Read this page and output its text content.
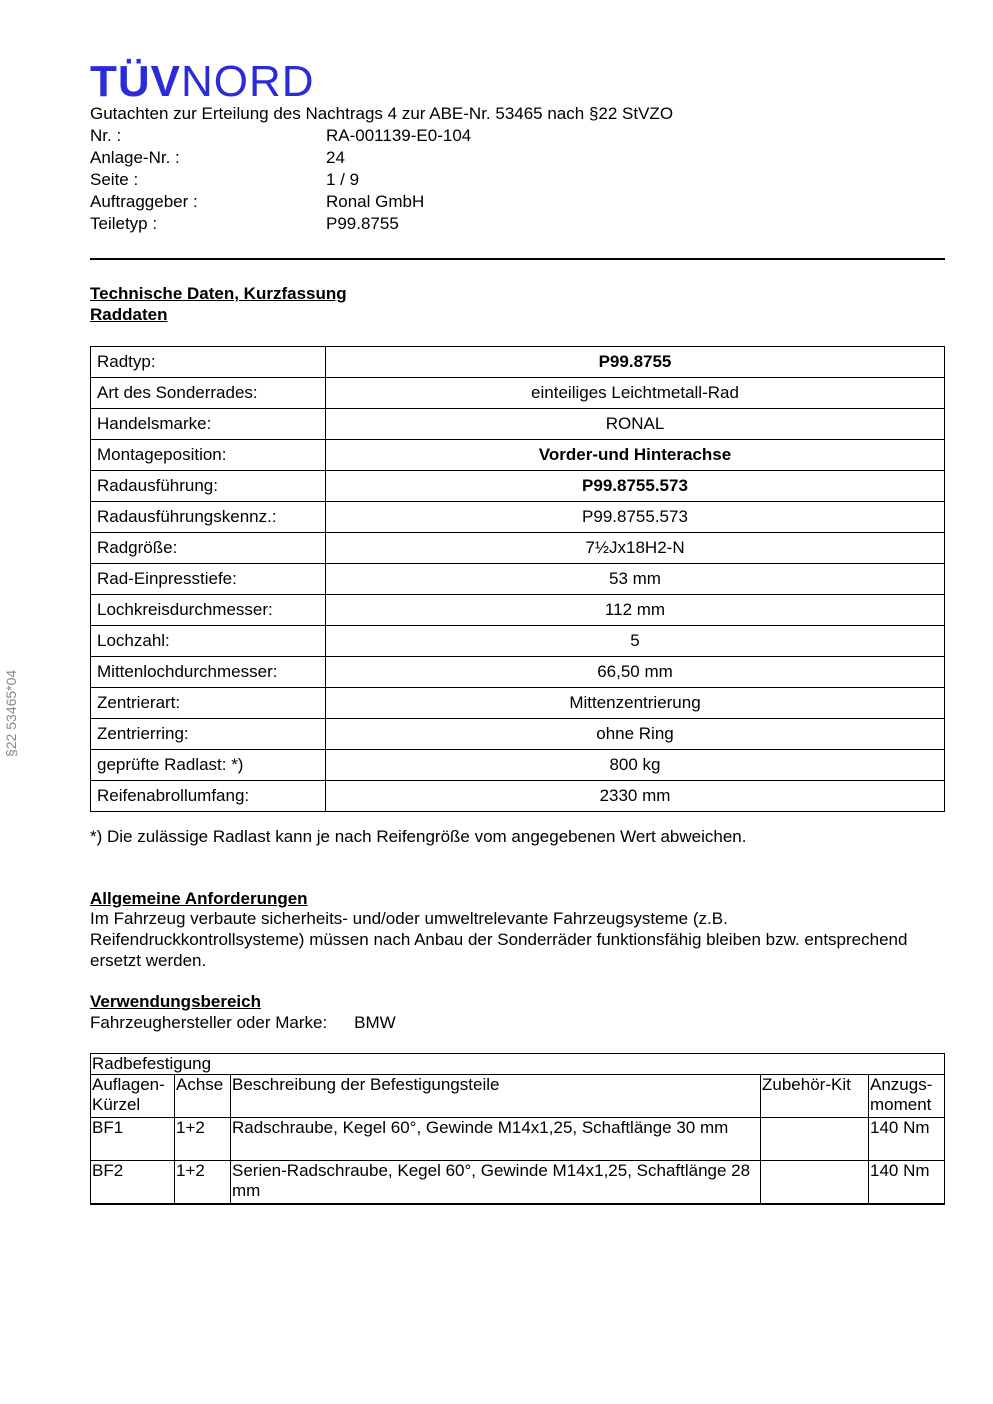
TÜVNORD
Gutachten zur Erteilung des Nachtrags 4 zur ABE-Nr. 53465 nach §22 StVZO
Nr. :	RA-001139-E0-104
Anlage-Nr. :	24
Seite :	1 / 9
Auftraggeber :	Ronal GmbH
Teiletyp :	P99.8755
Technische Daten, Kurzfassung
Raddaten
Radtyp:	P99.8755
Art des Sonderrades:	einteiliges Leichtmetall-Rad
Handelsmarke:	RONAL
Montageposition:	Vorder-und Hinterachse
Radausführung:	P99.8755.573
Radausführungskennz.:	P99.8755.573
Radgröße:	7½Jx18H2-N
Rad-Einpresstiefe:	53 mm
Lochkreisdurchmesser:	112 mm
Lochzahl:	5
Mittenlochdurchmesser:	66,50 mm
Zentrierart:	Mittenzentrierung
Zentrierring:	ohne Ring
geprüfte Radlast: *)	800 kg
Reifenabrollumfang:	2330 mm
*) Die zulässige Radlast kann je nach Reifengröße vom angegebenen Wert abweichen.
Allgemeine Anforderungen
Im Fahrzeug verbaute sicherheits- und/oder umweltrelevante Fahrzeugsysteme (z.B. Reifendruckkontrollsysteme) müssen nach Anbau der Sonderräder funktionsfähig bleiben bzw. entsprechend ersetzt werden.
Verwendungsbereich
Fahrzeughersteller oder Marke: BMW
Radbefestigung				
Auflagen- Kürzel	Achse	Beschreibung der Befestigungsteile	Zubehör-Kit	Anzugs- moment
BF1	1+2	Radschraube, Kegel 60°, Gewinde M14x1,25, Schaftlänge 30 mm		140 Nm
BF2	1+2	Serien-Radschraube, Kegel 60°, Gewinde M14x1,25, Schaftlänge 28 mm		140 Nm
§22 53465*04
